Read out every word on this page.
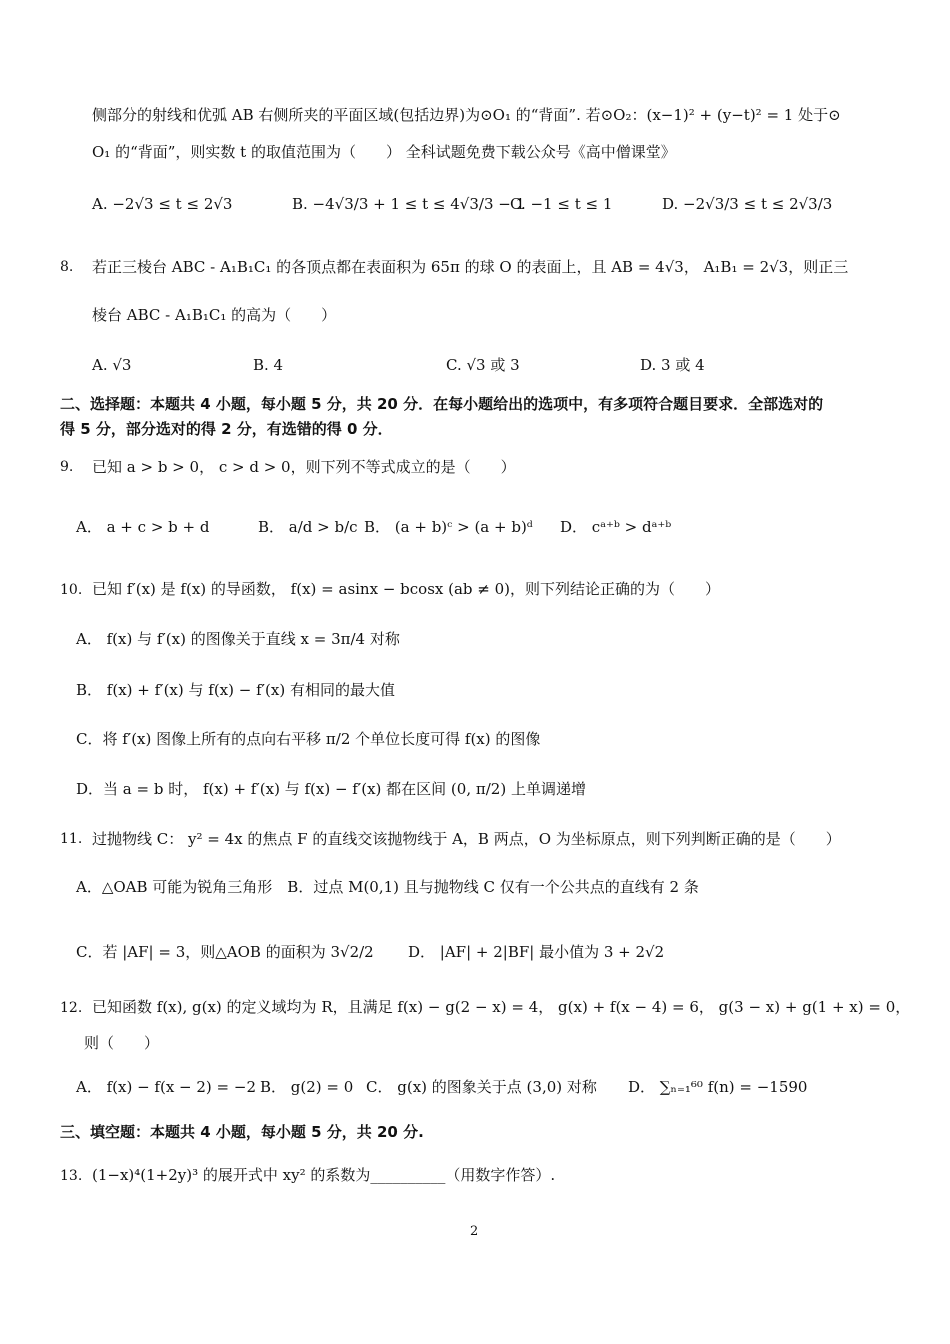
侧部分的射线和优弧 AB 右侧所夹的平面区域(包括边界)为⊙O₁ 的“背面”. 若⊙O₂：(x−1)² + (y−t)² = 1 处于⊙
O₁ 的“背面”，则实数 t 的取值范围为（　　） 全科试题免费下载公众号《高中僧课堂》
A. −2√3 ≤ t ≤ 2√3	B. −4√3/3 + 1 ≤ t ≤ 4√3/3 − 1
C. −1 ≤ t ≤ 1	D. −2√3/3 ≤ t ≤ 2√3/3
8. 若正三棱台 ABC - A₁B₁C₁ 的各顶点都在表面积为 65π 的球 O 的表面上，且 AB = 4√3， A₁B₁ = 2√3，则正三
棱台 ABC - A₁B₁C₁ 的高为（　　）
A. √3	B. 4	C. √3 或 3	D. 3 或 4
二、选择题：本题共 4 小题，每小题 5 分，共 20 分．在每小题给出的选项中，有多项符合题目要求．全部选对的
得 5 分，部分选对的得 2 分，有选错的得 0 分．
9. 已知 a > b > 0， c > d > 0，则下列不等式成立的是（　　）
A． a + c > b + d	B． a/d > b/c B． (a + b)ᶜ > (a + b)ᵈ D． cᵃ⁺ᵇ > dᵃ⁺ᵇ
10. 已知 f′(x) 是 f(x) 的导函数， f(x) = asinx − bcosx (ab ≠ 0)，则下列结论正确的为（　　）
A． f(x) 与 f′(x) 的图像关于直线 x = 3π/4 对称
B． f(x) + f′(x) 与 f(x) − f′(x) 有相同的最大值
C．将 f′(x) 图像上所有的点向右平移 π/2 个单位长度可得 f(x) 的图像
D．当 a = b 时， f(x) + f′(x) 与 f(x) − f′(x) 都在区间 (0, π/2) 上单调递增
11. 过抛物线 C： y² = 4x 的焦点 F 的直线交该抛物线于 A，B 两点，O 为坐标原点，则下列判断正确的是（　　）
A．△OAB 可能为锐角三角形　B．过点 M(0,1) 且与抛物线 C 仅有一个公共点的直线有 2 条
C．若 |AF| = 3，则△AOB 的面积为 3√2/2 D． |AF| + 2|BF| 最小值为 3 + 2√2
12. 已知函数 f(x), g(x) 的定义域均为 R，且满足 f(x) − g(2 − x) = 4， g(x) + f(x − 4) = 6， g(3 − x) + g(1 + x) = 0，
则（　　）
A． f(x) − f(x − 2) = −2 B． g(2) = 0 C． g(x) 的图象关于点 (3,0) 对称 D． ∑ₙ₌₁⁶⁰ f(n) = −1590
三、填空题：本题共 4 小题，每小题 5 分，共 20 分.
13. (1−x)⁴(1+2y)³ 的展开式中 xy² 的系数为__________（用数字作答）.
2
